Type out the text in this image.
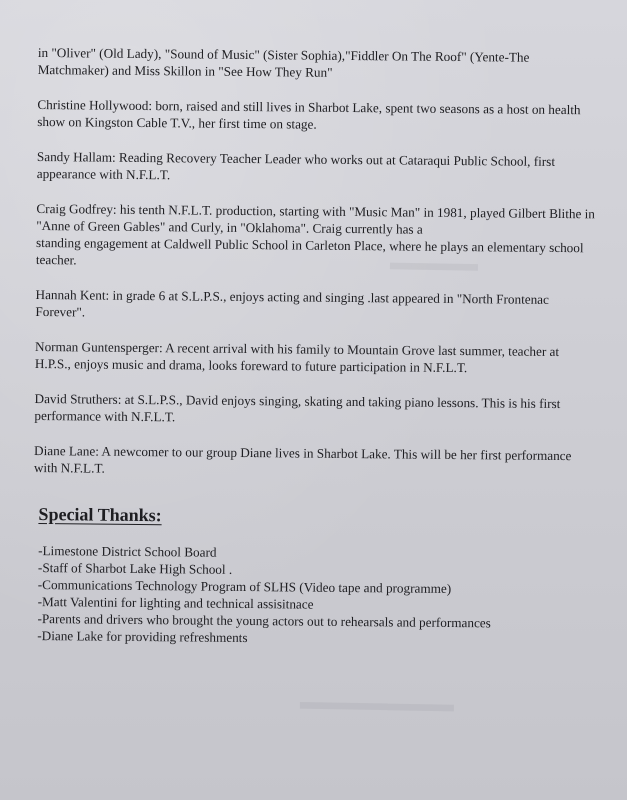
▬▬▬▬
▬▬▬▬▬▬▬

in "Oliver" (Old Lady), "Sound of Music" (Sister Sophia),"Fiddler On The Roof" (Yente-The Matchmaker) and Miss Skillon in "See How They Run"

Christine Hollywood: born, raised and still lives in Sharbot Lake, spent two seasons as a host on health show on Kingston Cable T.V., her first time on stage.

Sandy Hallam: Reading Recovery Teacher Leader who works out at Cataraqui Public School, first appearance with N.F.L.T.

Craig Godfrey: his tenth N.F.L.T. production, starting with "Music Man" in 1981, played Gilbert Blithe in "Anne of Green Gables" and Curly, in "Oklahoma". Craig currently has a
standing engagement at Caldwell Public School in Carleton Place, where he plays an elementary school teacher.

Hannah Kent: in grade 6 at S.L.P.S., enjoys acting and singing .last appeared in "North Frontenac Forever".

Norman Guntensperger: A recent arrival with his family to Mountain Grove last summer, teacher at H.P.S., enjoys music and drama, looks foreward to future participation in N.F.L.T.

David Struthers: at S.L.P.S., David enjoys singing, skating and taking piano lessons. This is his first performance with N.F.L.T.

Diane Lane: A newcomer to our group Diane lives in Sharbot Lake. This will be her first performance with N.F.L.T.

Special Thanks:
-Limestone District School Board
-Staff of Sharbot Lake High School .
-Communications Technology Program of SLHS (Video tape and programme)
-Matt Valentini for lighting and technical assisitnace
-Parents and drivers who brought the young actors out to rehearsals and performances
-Diane Lake for providing refreshments
